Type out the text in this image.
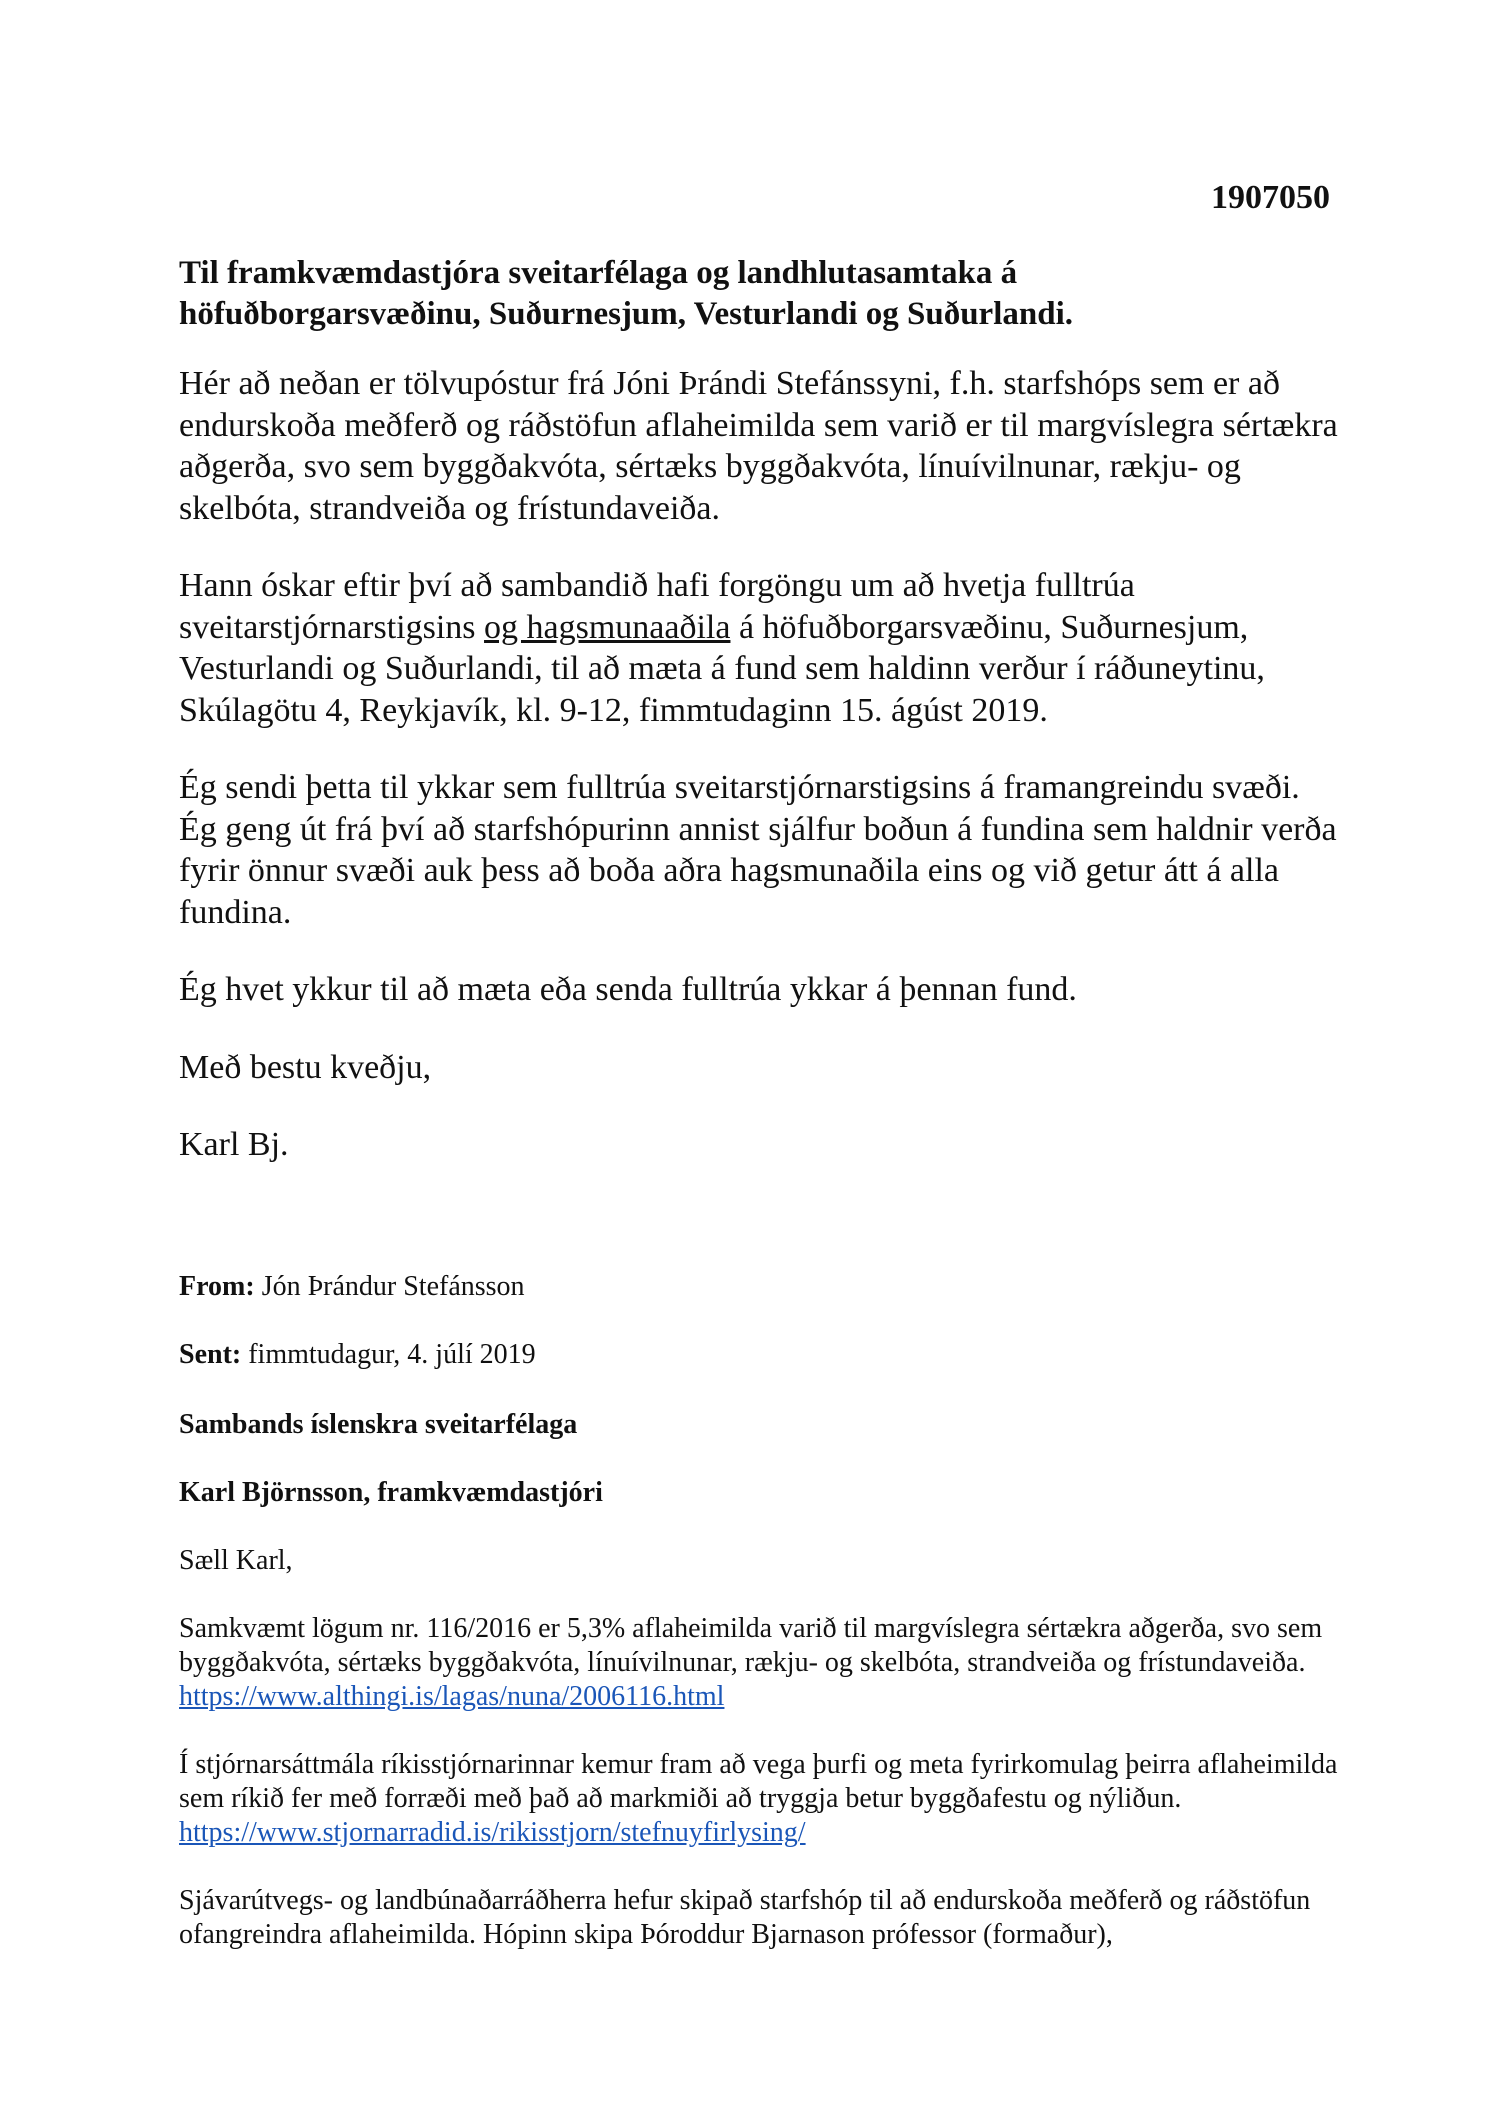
1907050

Til framkvæmdastjóra sveitarfélaga og landhlutasamtaka á
höfuðborgarsvæðinu, Suðurnesjum, Vesturlandi og Suðurlandi.

Hér að neðan er tölvupóstur frá Jóni Þrándi Stefánssyni, f.h. starfshóps sem er að endurskoða meðferð og ráðstöfun aflaheimilda sem varið er til margvíslegra sértækra aðgerða, svo sem byggðakvóta, sértæks byggðakvóta, línuívilnunar, rækju- og skelbóta, strandveiða og frístundaveiða.

Hann óskar eftir því að sambandið hafi forgöngu um að hvetja fulltrúa sveitarstjórnarstigsins og hagsmunaaðila á höfuðborgarsvæðinu, Suðurnesjum, Vesturlandi og Suðurlandi, til að mæta á fund sem haldinn verður í ráðuneytinu, Skúlagötu 4, Reykjavík, kl. 9-12, fimmtudaginn 15. ágúst 2019.

Ég sendi þetta til ykkar sem fulltrúa sveitarstjórnarstigsins á framangreindu svæði. Ég geng út frá því að starfshópurinn annist sjálfur boðun á fundina sem haldnir verða fyrir önnur svæði auk þess að boða aðra hagsmunaðila eins og við getur átt á alla fundina.

Ég hvet ykkur til að mæta eða senda fulltrúa ykkar á þennan fund.

Með bestu kveðju,

Karl Bj.

From: Jón Þrándur Stefánsson

Sent: fimmtudagur, 4. júlí 2019

Sambands íslenskra sveitarfélaga

Karl Björnsson, framkvæmdastjóri

Sæll Karl,

Samkvæmt lögum nr. 116/2016 er 5,3% aflaheimilda varið til margvíslegra sértækra aðgerða, svo sem byggðakvóta, sértæks byggðakvóta, línuívilnunar, rækju- og skelbóta, strandveiða og frístundaveiða. https://www.althingi.is/lagas/nuna/2006116.html

Í stjórnarsáttmála ríkisstjórnarinnar kemur fram að vega þurfi og meta fyrirkomulag þeirra aflaheimilda sem ríkið fer með forræði með það að markmiði að tryggja betur byggðafestu og nýliðun. https://www.stjornarradid.is/rikisstjorn/stefnuyfirlysing/

Sjávarútvegs- og landbúnaðarráðherra hefur skipað starfshóp til að endurskoða meðferð og ráðstöfun ofangreindra aflaheimilda. Hópinn skipa Þóroddur Bjarnason prófessor (formaður),
